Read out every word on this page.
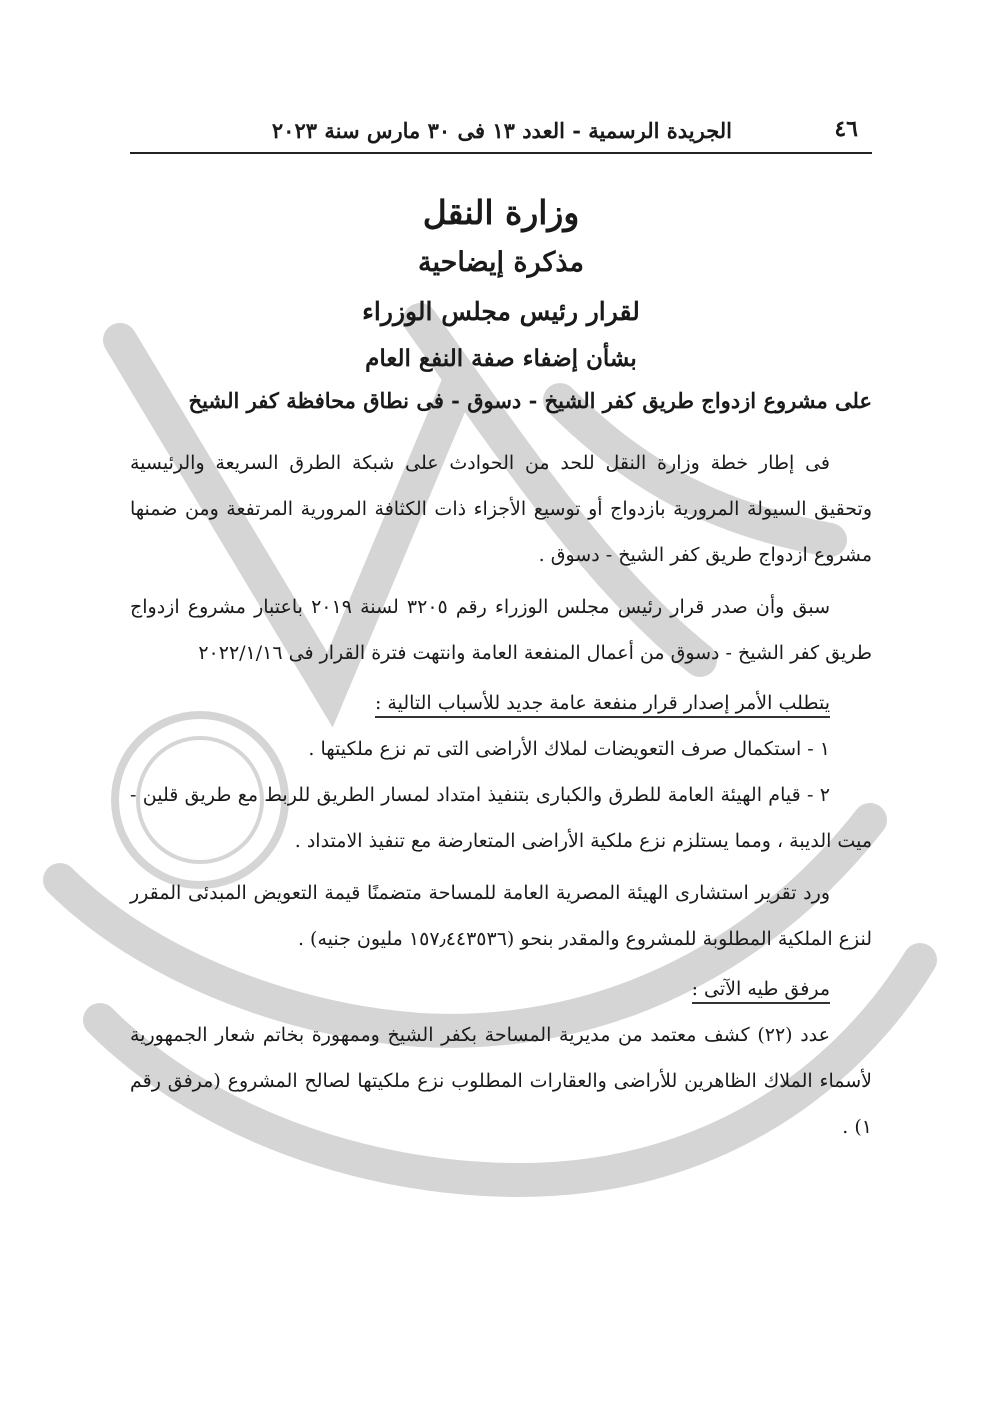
٤٦
الجريدة الرسمية - العدد ١٣ فى ٣٠ مارس سنة ٢٠٢٣

وزارة النقل

مذكرة إيضاحية

لقرار رئيس مجلس الوزراء

بشأن إضفاء صفة النفع العام

على مشروع ازدواج طريق كفر الشيخ - دسوق - فى نطاق محافظة كفر الشيخ

فى إطار خطة وزارة النقل للحد من الحوادث على شبكة الطرق السريعة والرئيسية وتحقيق السيولة المرورية بازدواج أو توسيع الأجزاء ذات الكثافة المرورية المرتفعة ومن ضمنها مشروع ازدواج طريق كفر الشيخ - دسوق .

سبق وأن صدر قرار رئيس مجلس الوزراء رقم ٣٢٠٥ لسنة ٢٠١٩ باعتبار مشروع ازدواج طريق كفر الشيخ - دسوق من أعمال المنفعة العامة وانتهت فترة القرار فى ٢٠٢٢/١/١٦

يتطلب الأمر إصدار قرار منفعة عامة جديد للأسباب التالية :

١ - استكمال صرف التعويضات لملاك الأراضى التى تم نزع ملكيتها .

٢ - قيام الهيئة العامة للطرق والكبارى بتنفيذ امتداد لمسار الطريق للربط مع طريق قلين - ميت الديبة ، ومما يستلزم نزع ملكية الأراضى المتعارضة مع تنفيذ الامتداد .

ورد تقرير استشارى الهيئة المصرية العامة للمساحة متضمنًا قيمة التعويض المبدئى المقرر لنزع الملكية المطلوبة للمشروع والمقدر بنحو (١٥٧٫٤٤٣٥٣٦ مليون جنيه) .

مرفق طيه الآتى :

عدد (٢٢) كشف معتمد من مديرية المساحة بكفر الشيخ وممهورة بخاتم شعار الجمهورية لأسماء الملاك الظاهرين للأراضى والعقارات المطلوب نزع ملكيتها لصالح المشروع (مرفق رقم ١) .
